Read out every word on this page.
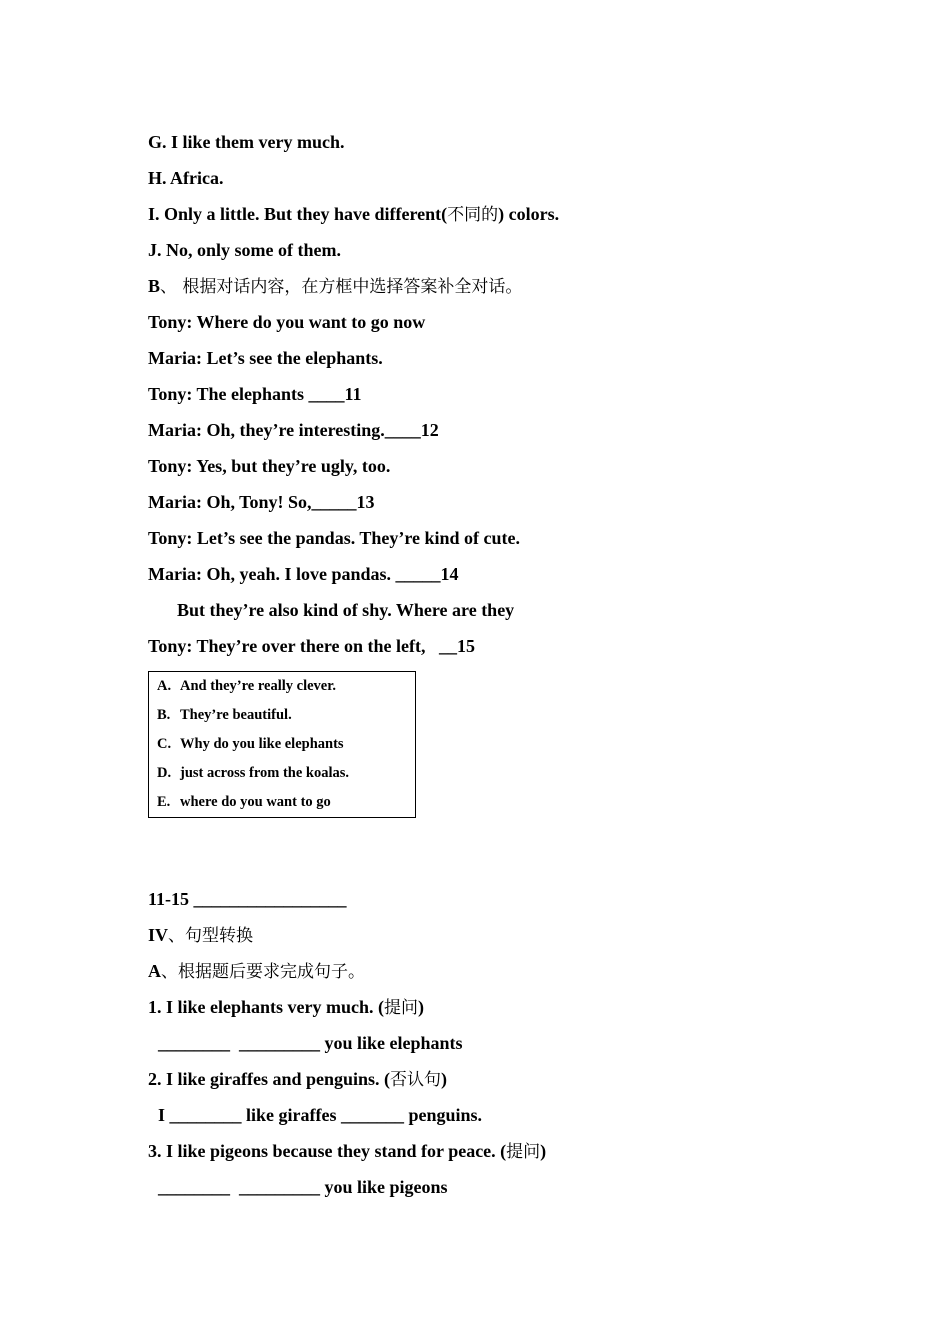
G. I like them very much.
H. Africa.
I. Only a little. But they have different(不同的) colors.
J. No, only some of them.
B、 根据对话内容，在方框中选择答案补全对话。
Tony: Where do you want to go now
Maria: Let’s see the elephants.
Tony: The elephants ____11
Maria: Oh, they’re interesting.____12
Tony: Yes, but they’re ugly, too.
Maria: Oh, Tony! So,_____13
Tony: Let’s see the pandas. They’re kind of cute.
Maria: Oh, yeah. I love pandas. _____14
But they’re also kind of shy. Where are they
Tony: They’re over there on the left,   __15
A. And they’re really clever.
B. They’re beautiful.
C. Why do you like elephants
D. just across from the koalas.
E. where do you want to go
11-15 _________________
IV、句型转换
A、根据题后要求完成句子。
1. I like elephants very much. (提问)
________  _________ you like elephants
2. I like giraffes and penguins. (否认句)
I ________ like giraffes _______ penguins.
3. I like pigeons because they stand for peace. (提问)
________  _________ you like pigeons
